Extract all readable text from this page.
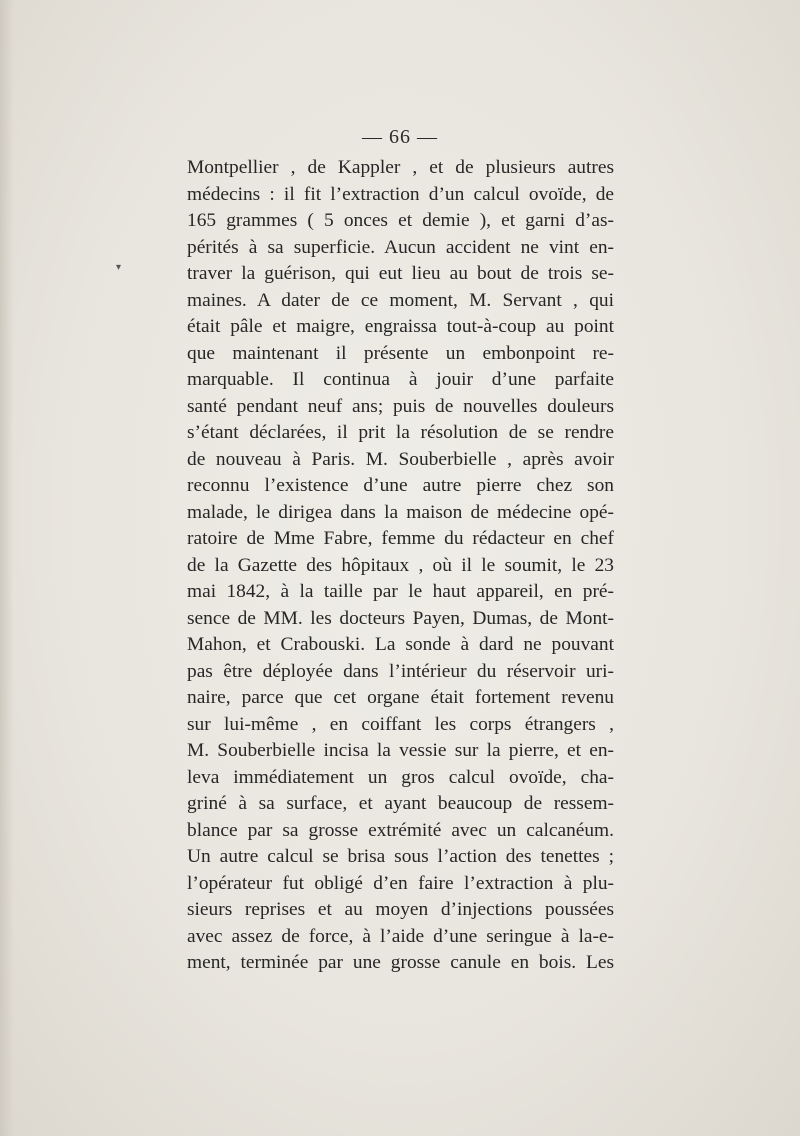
— 66 —
Montpellier , de Kappler , et de plusieurs autres
médecins : il fit l’extraction d’un calcul ovoïde, de
165 grammes ( 5 onces et demie ), et garni d’as-
pérités à sa superficie. Aucun accident ne vint en-
traver la guérison, qui eut lieu au bout de trois se-
maines. A dater de ce moment, M. Servant , qui
était pâle et maigre, engraissa tout-à-coup au point
que maintenant il présente un embonpoint re-
marquable. Il continua à jouir d’une parfaite
santé pendant neuf ans; puis de nouvelles douleurs
s’étant déclarées, il prit la résolution de se rendre
de nouveau à Paris. M. Souberbielle , après avoir
reconnu l’existence d’une autre pierre chez son
malade, le dirigea dans la maison de médecine opé-
ratoire de Mme Fabre, femme du rédacteur en chef
de la Gazette des hôpitaux , où il le soumit, le 23
mai 1842, à la taille par le haut appareil, en pré-
sence de MM. les docteurs Payen, Dumas, de Mont-
Mahon, et Crabouski. La sonde à dard ne pouvant
pas être déployée dans l’intérieur du réservoir uri-
naire, parce que cet organe était fortement revenu
sur lui-même , en coiffant les corps étrangers ,
M. Souberbielle incisa la vessie sur la pierre, et en-
leva immédiatement un gros calcul ovoïde, cha-
griné à sa surface, et ayant beaucoup de ressem-
blance par sa grosse extrémité avec un calcanéum.
Un autre calcul se brisa sous l’action des tenettes ;
l’opérateur fut obligé d’en faire l’extraction à plu-
sieurs reprises et au moyen d’injections poussées
avec assez de force, à l’aide d’une seringue à la-e-
ment, terminée par une grosse canule en bois. Les
▾
